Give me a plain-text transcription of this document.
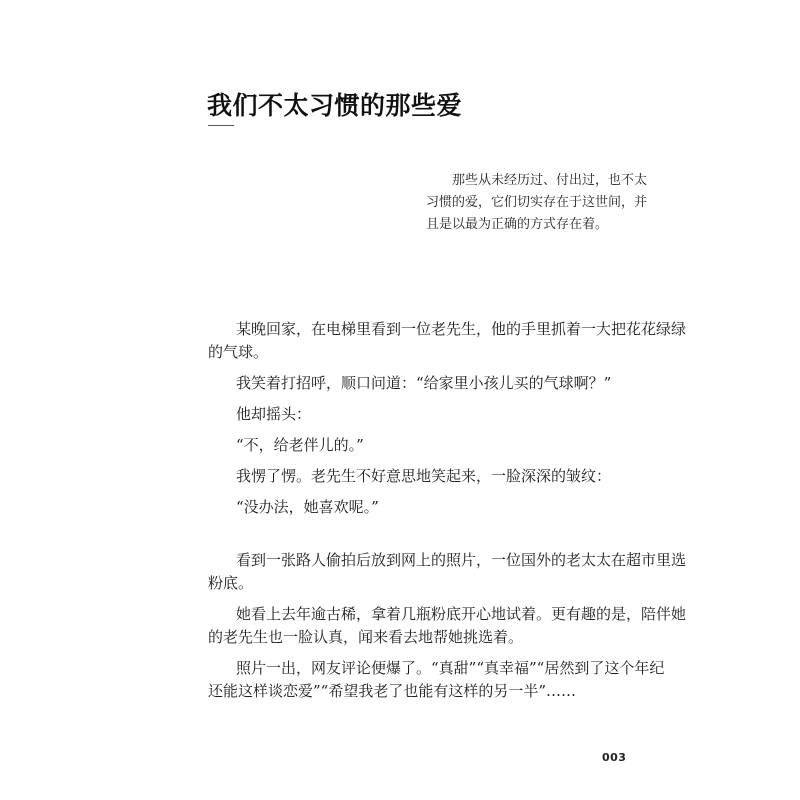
我们不太习惯的那些爱

那些从未经历过、付出过，也不太

习惯的爱，它们切实存在于这世间，并

且是以最为正确的方式存在着。

某晚回家，在电梯里看到一位老先生，他的手里抓着一大把花花绿绿

的气球。

我笑着打招呼，顺口问道：“给家里小孩儿买的气球啊？”

他却摇头：

“不，给老伴儿的。”

我愣了愣。老先生不好意思地笑起来，一脸深深的皱纹：

“没办法，她喜欢呢。”

看到一张路人偷拍后放到网上的照片，一位国外的老太太在超市里选

粉底。

她看上去年逾古稀，拿着几瓶粉底开心地试着。更有趣的是，陪伴她

的老先生也一脸认真，闻来看去地帮她挑选着。

照片一出，网友评论便爆了。“真甜”“真幸福”“居然到了这个年纪

还能这样谈恋爱”“希望我老了也能有这样的另一半”……

003
